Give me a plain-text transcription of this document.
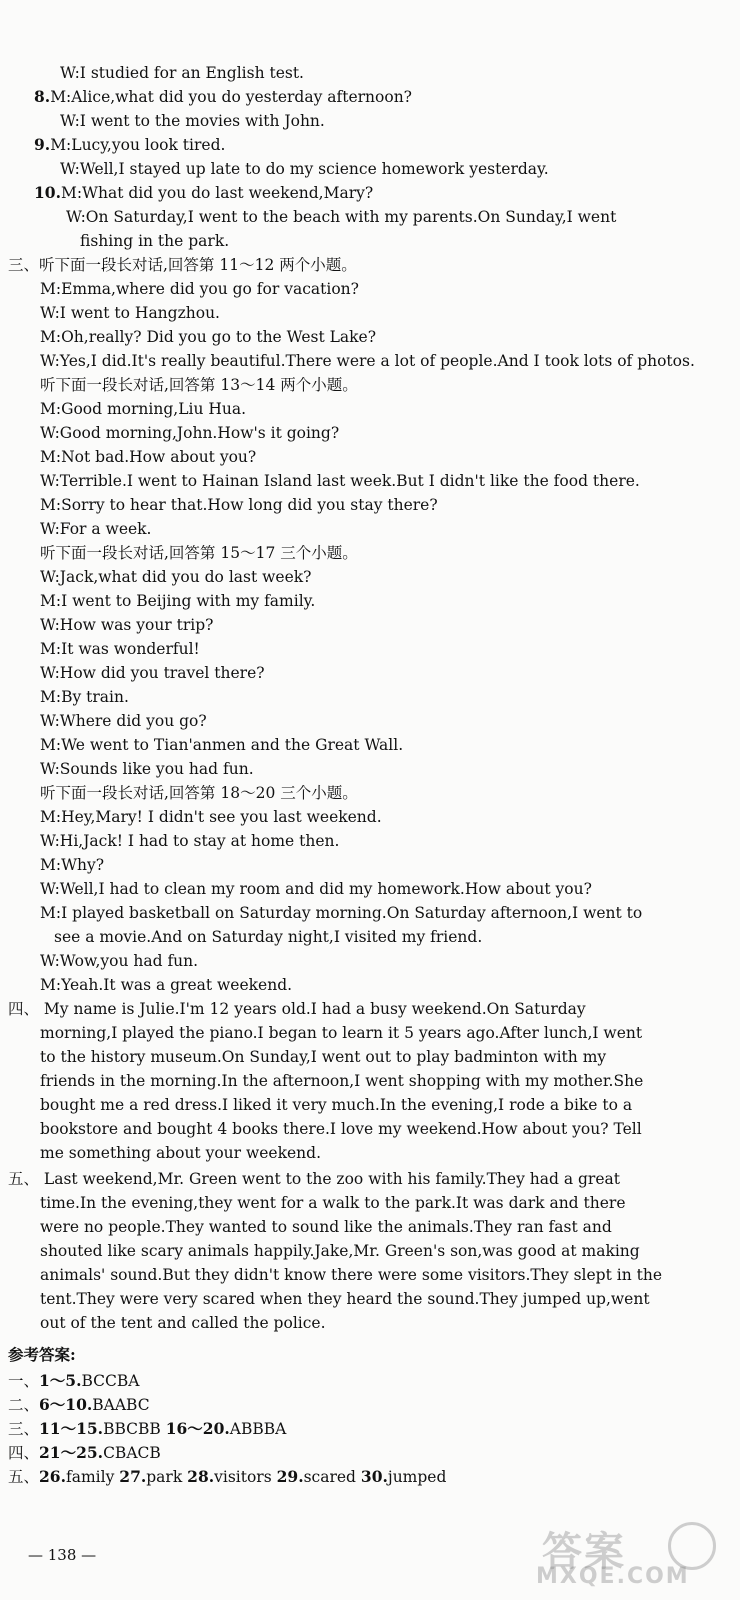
W:I studied for an English test.
8.M:Alice,what did you do yesterday afternoon?
W:I went to the movies with John.
9.M:Lucy,you look tired.
W:Well,I stayed up late to do my science homework yesterday.
10.M:What did you do last weekend,Mary?
W:On Saturday,I went to the beach with my parents.On Sunday,I went
fishing in the park.
三、听下面一段长对话,回答第 11～12 两个小题。
M:Emma,where did you go for vacation?
W:I went to Hangzhou.
M:Oh,really? Did you go to the West Lake?
W:Yes,I did.It's really beautiful.There were a lot of people.And I took lots of photos.
听下面一段长对话,回答第 13～14 两个小题。
M:Good morning,Liu Hua.
W:Good morning,John.How's it going?
M:Not bad.How about you?
W:Terrible.I went to Hainan Island last week.But I didn't like the food there.
M:Sorry to hear that.How long did you stay there?
W:For a week.
听下面一段长对话,回答第 15～17 三个小题。
W:Jack,what did you do last week?
M:I went to Beijing with my family.
W:How was your trip?
M:It was wonderful!
W:How did you travel there?
M:By train.
W:Where did you go?
M:We went to Tian'anmen and the Great Wall.
W:Sounds like you had fun.
听下面一段长对话,回答第 18～20 三个小题。
M:Hey,Mary! I didn't see you last weekend.
W:Hi,Jack! I had to stay at home then.
M:Why?
W:Well,I had to clean my room and did my homework.How about you?
M:I played basketball on Saturday morning.On Saturday afternoon,I went to
see a movie.And on Saturday night,I visited my friend.
W:Wow,you had fun.
M:Yeah.It was a great weekend.
四、 My name is Julie.I'm 12 years old.I had a busy weekend.On Saturday
morning,I played the piano.I began to learn it 5 years ago.After lunch,I went
to the history museum.On Sunday,I went out to play badminton with my
friends in the morning.In the afternoon,I went shopping with my mother.She
bought me a red dress.I liked it very much.In the evening,I rode a bike to a
bookstore and bought 4 books there.I love my weekend.How about you? Tell
me something about your weekend.
五、 Last weekend,Mr. Green went to the zoo with his family.They had a great
time.In the evening,they went for a walk to the park.It was dark and there
were no people.They wanted to sound like the animals.They ran fast and
shouted like scary animals happily.Jake,Mr. Green's son,was good at making
animals' sound.But they didn't know there were some visitors.They slept in the
tent.They were very scared when they heard the sound.They jumped up,went
out of the tent and called the police.
参考答案:
一、1～5.BCCBA
二、6～10.BAABC
三、11～15.BBCBB 16～20.ABBBA
四、21～25.CBACB
五、26.family 27.park 28.visitors 29.scared 30.jumped
— 138 —	答案
MXQE.COM
